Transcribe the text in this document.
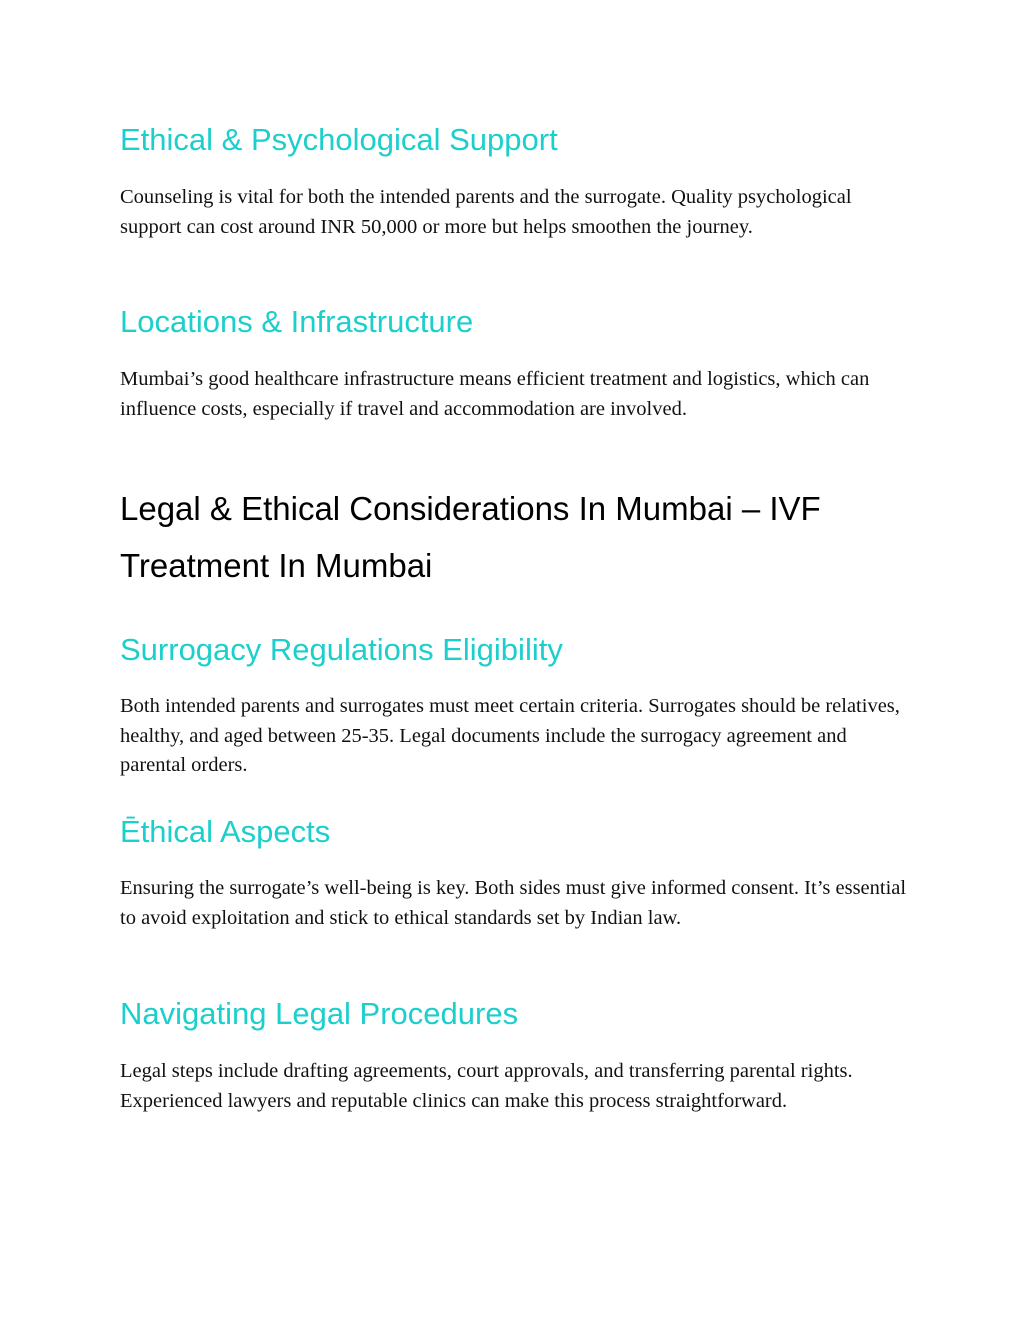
Ethical & Psychological Support

Counseling is vital for both the intended parents and the surrogate. Quality psychological support can cost around INR 50,000 or more but helps smoothen the journey.

Locations & Infrastructure

Mumbai’s good healthcare infrastructure means efficient treatment and logistics, which can influence costs, especially if travel and accommodation are involved.

Legal & Ethical Considerations In Mumbai – IVF Treatment In Mumbai
Surrogacy Regulations Eligibility

Both intended parents and surrogates must meet certain criteria. Surrogates should be relatives, healthy, and aged between 25-35. Legal documents include the surrogacy agreement and parental orders.

Ēthical Aspects

Ensuring the surrogate’s well-being is key. Both sides must give informed consent. It’s essential to avoid exploitation and stick to ethical standards set by Indian law.

Navigating Legal Procedures

Legal steps include drafting agreements, court approvals, and transferring parental rights. Experienced lawyers and reputable clinics can make this process straightforward.
